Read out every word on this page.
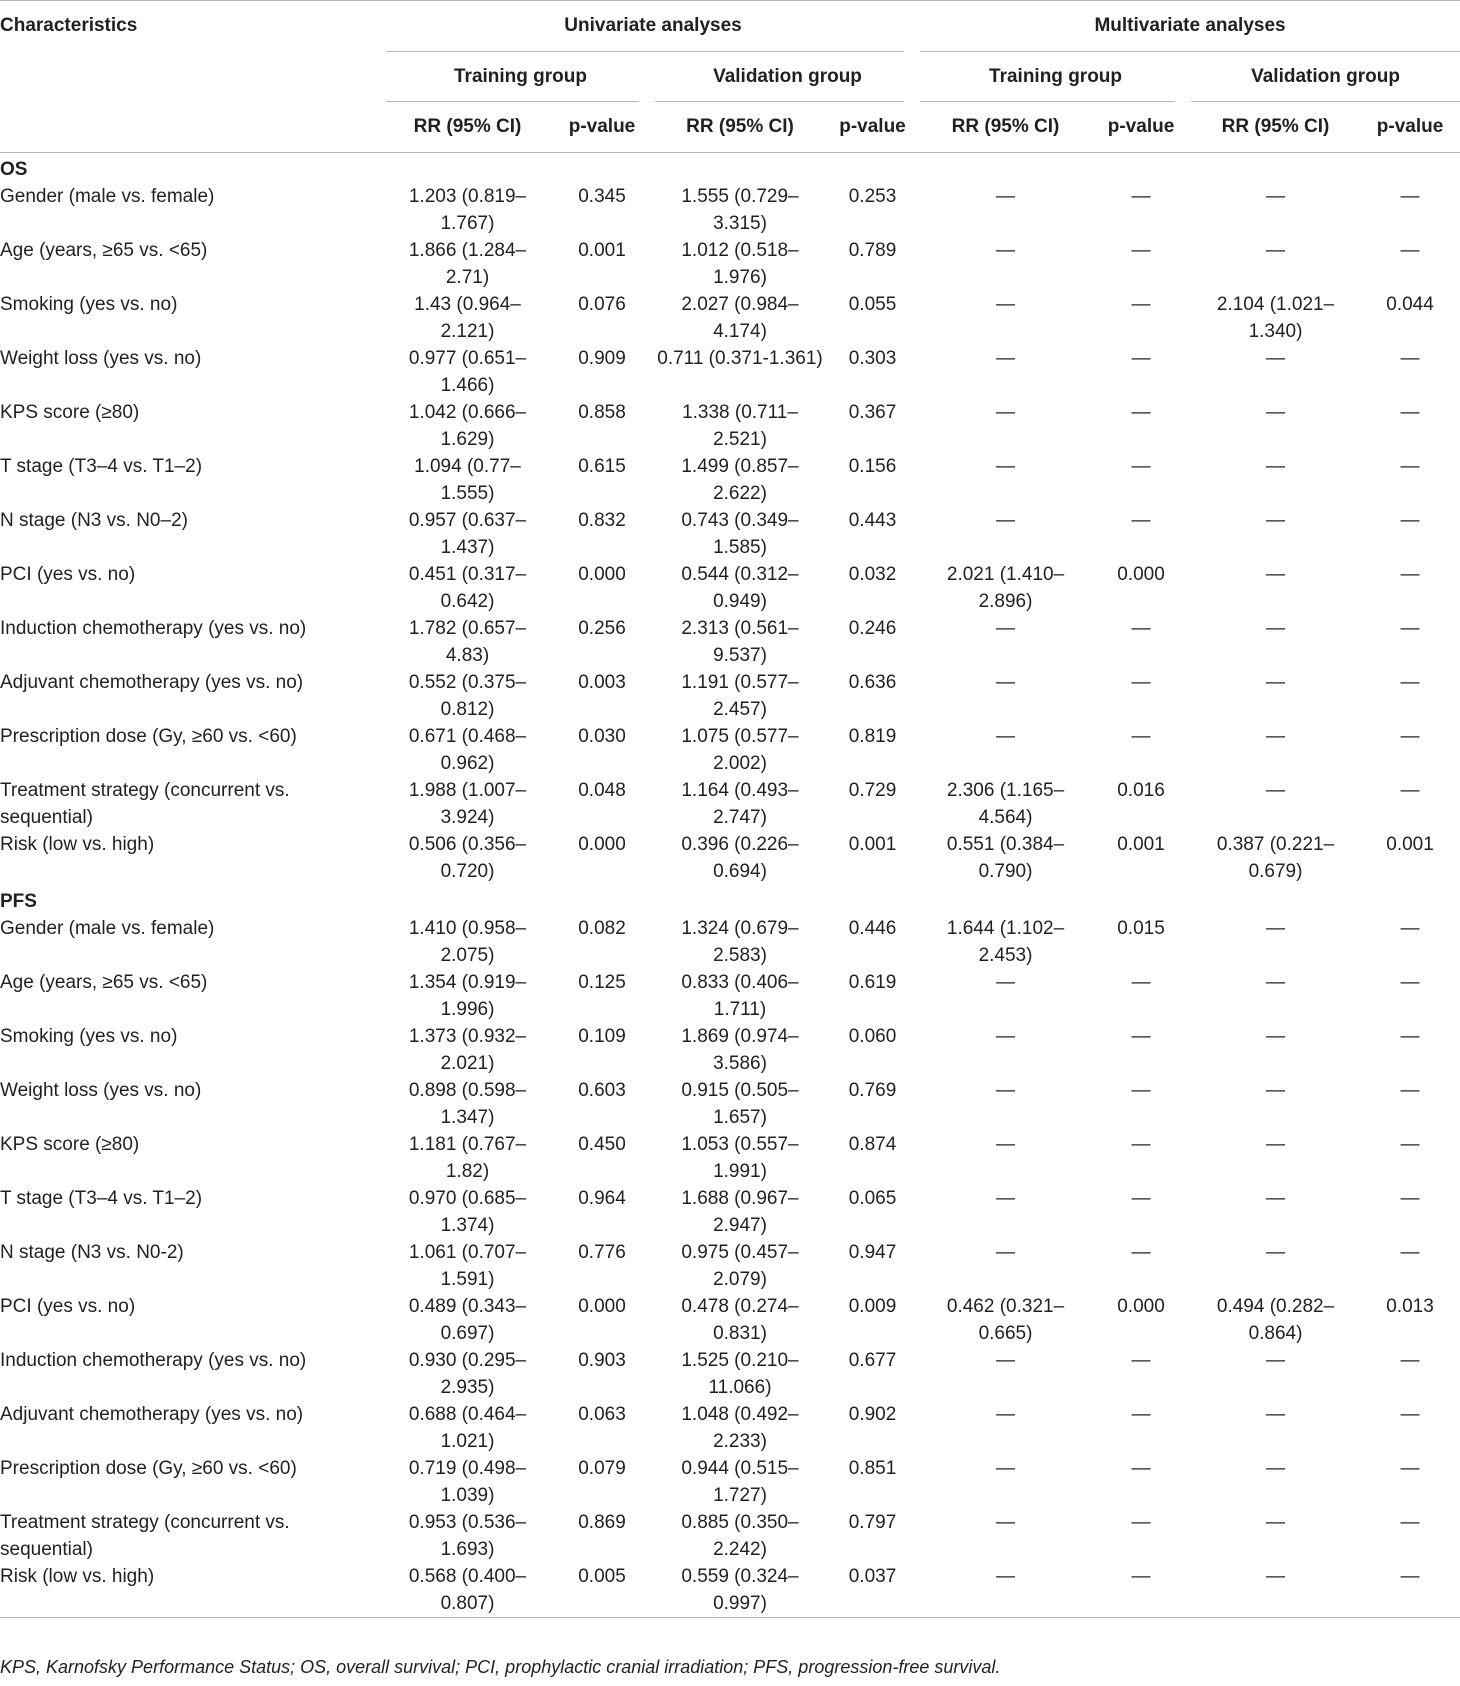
Characteristics	Univariate analyses				Multivariate analyses			
	Training group		Validation group		Training group		Validation group	
	RR (95% CI)	p-value	RR (95% CI)	p-value	RR (95% CI)	p-value	RR (95% CI)	p-value
OS								
Gender (male vs. female)	1.203 (0.819–
1.767)	0.345	1.555 (0.729–
3.315)	0.253	—	—	—	—
Age (years, ≥65 vs. <65)	1.866 (1.284–
2.71)	0.001	1.012 (0.518–
1.976)	0.789	—	—	—	—
Smoking (yes vs. no)	1.43 (0.964–
2.121)	0.076	2.027 (0.984–
4.174)	0.055	—	—	2.104 (1.021–
1.340)	0.044
Weight loss (yes vs. no)	0.977 (0.651–
1.466)	0.909	0.711 (0.371-1.361)	0.303	—	—	—	—
KPS score (≥80)	1.042 (0.666–
1.629)	0.858	1.338 (0.711–
2.521)	0.367	—	—	—	—
T stage (T3–4 vs. T1–2)	1.094 (0.77–
1.555)	0.615	1.499 (0.857–
2.622)	0.156	—	—	—	—
N stage (N3 vs. N0–2)	0.957 (0.637–
1.437)	0.832	0.743 (0.349–
1.585)	0.443	—	—	—	—
PCI (yes vs. no)	0.451 (0.317–
0.642)	0.000	0.544 (0.312–
0.949)	0.032	2.021 (1.410–
2.896)	0.000	—	—
Induction chemotherapy (yes vs. no)	1.782 (0.657–
4.83)	0.256	2.313 (0.561–
9.537)	0.246	—	—	—	—
Adjuvant chemotherapy (yes vs. no)	0.552 (0.375–
0.812)	0.003	1.191 (0.577–
2.457)	0.636	—	—	—	—
Prescription dose (Gy, ≥60 vs. <60)	0.671 (0.468–
0.962)	0.030	1.075 (0.577–
2.002)	0.819	—	—	—	—
Treatment strategy (concurrent vs.
sequential)	1.988 (1.007–
3.924)	0.048	1.164 (0.493–
2.747)	0.729	2.306 (1.165–
4.564)	0.016	—	—
Risk (low vs. high)	0.506 (0.356–
0.720)	0.000	0.396 (0.226–
0.694)	0.001	0.551 (0.384–
0.790)	0.001	0.387 (0.221–
0.679)	0.001
PFS								
Gender (male vs. female)	1.410 (0.958–
2.075)	0.082	1.324 (0.679–
2.583)	0.446	1.644 (1.102–
2.453)	0.015	—	—
Age (years, ≥65 vs. <65)	1.354 (0.919–
1.996)	0.125	0.833 (0.406–
1.711)	0.619	—	—	—	—
Smoking (yes vs. no)	1.373 (0.932–
2.021)	0.109	1.869 (0.974–
3.586)	0.060	—	—	—	—
Weight loss (yes vs. no)	0.898 (0.598–
1.347)	0.603	0.915 (0.505–
1.657)	0.769	—	—	—	—
KPS score (≥80)	1.181 (0.767–
1.82)	0.450	1.053 (0.557–
1.991)	0.874	—	—	—	—
T stage (T3–4 vs. T1–2)	0.970 (0.685–
1.374)	0.964	1.688 (0.967–
2.947)	0.065	—	—	—	—
N stage (N3 vs. N0-2)	1.061 (0.707–
1.591)	0.776	0.975 (0.457–
2.079)	0.947	—	—	—	—
PCI (yes vs. no)	0.489 (0.343–
0.697)	0.000	0.478 (0.274–
0.831)	0.009	0.462 (0.321–
0.665)	0.000	0.494 (0.282–
0.864)	0.013
Induction chemotherapy (yes vs. no)	0.930 (0.295–
2.935)	0.903	1.525 (0.210–
11.066)	0.677	—	—	—	—
Adjuvant chemotherapy (yes vs. no)	0.688 (0.464–
1.021)	0.063	1.048 (0.492–
2.233)	0.902	—	—	—	—
Prescription dose (Gy, ≥60 vs. <60)	0.719 (0.498–
1.039)	0.079	0.944 (0.515–
1.727)	0.851	—	—	—	—
Treatment strategy (concurrent vs.
sequential)	0.953 (0.536–
1.693)	0.869	0.885 (0.350–
2.242)	0.797	—	—	—	—
Risk (low vs. high)	0.568 (0.400–
0.807)	0.005	0.559 (0.324–
0.997)	0.037	—	—	—	—
KPS, Karnofsky Performance Status; OS, overall survival; PCI, prophylactic cranial irradiation; PFS, progression-free survival.
